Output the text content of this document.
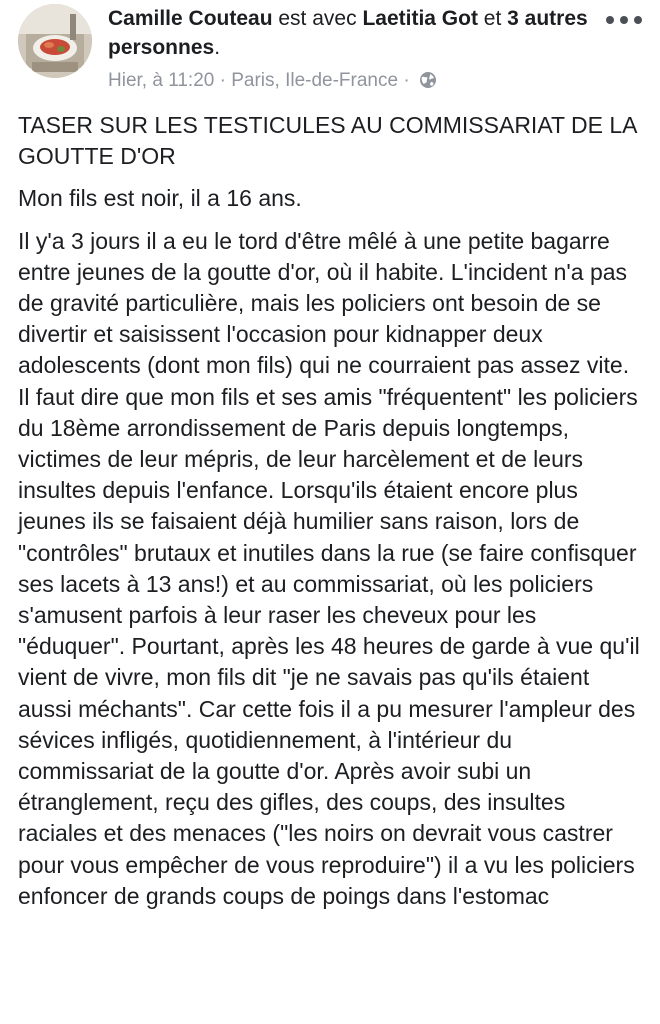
Camille Couteau est avec Laetitia Got et 3 autres personnes.
Hier, à 11:20 · Paris, Ile-de-France ·

TASER SUR LES TESTICULES AU COMMISSARIAT DE LA GOUTTE D'OR

Mon fils est noir, il a 16 ans.

Il y'a 3 jours il a eu le tord d'être mêlé à une petite bagarre entre jeunes de la goutte d'or, où il habite. L'incident n'a pas de gravité particulière, mais les policiers ont besoin de se divertir et saisissent l'occasion pour kidnapper deux adolescents (dont mon fils) qui ne courraient pas assez vite. Il faut dire que mon fils et ses amis "fréquentent" les policiers du 18ème arrondissement de Paris depuis longtemps, victimes de leur mépris, de leur harcèlement et de leurs insultes depuis l'enfance. Lorsqu'ils étaient encore plus jeunes ils se faisaient déjà humilier sans raison, lors de "contrôles" brutaux et inutiles dans la rue (se faire confisquer ses lacets à 13 ans!) et au commissariat, où les policiers s'amusent parfois à leur raser les cheveux pour les "éduquer". Pourtant, après les 48 heures de garde à vue qu'il vient de vivre, mon fils dit "je ne savais pas qu'ils étaient aussi méchants". Car cette fois il a pu mesurer l'ampleur des sévices infligés, quotidiennement, à l'intérieur du commissariat de la goutte d'or. Après avoir subi un étranglement, reçu des gifles, des coups, des insultes raciales et des menaces ("les noirs on devrait vous castrer pour vous empêcher de vous reproduire") il a vu les policiers enfoncer de grands coups de poings dans l'estomac
